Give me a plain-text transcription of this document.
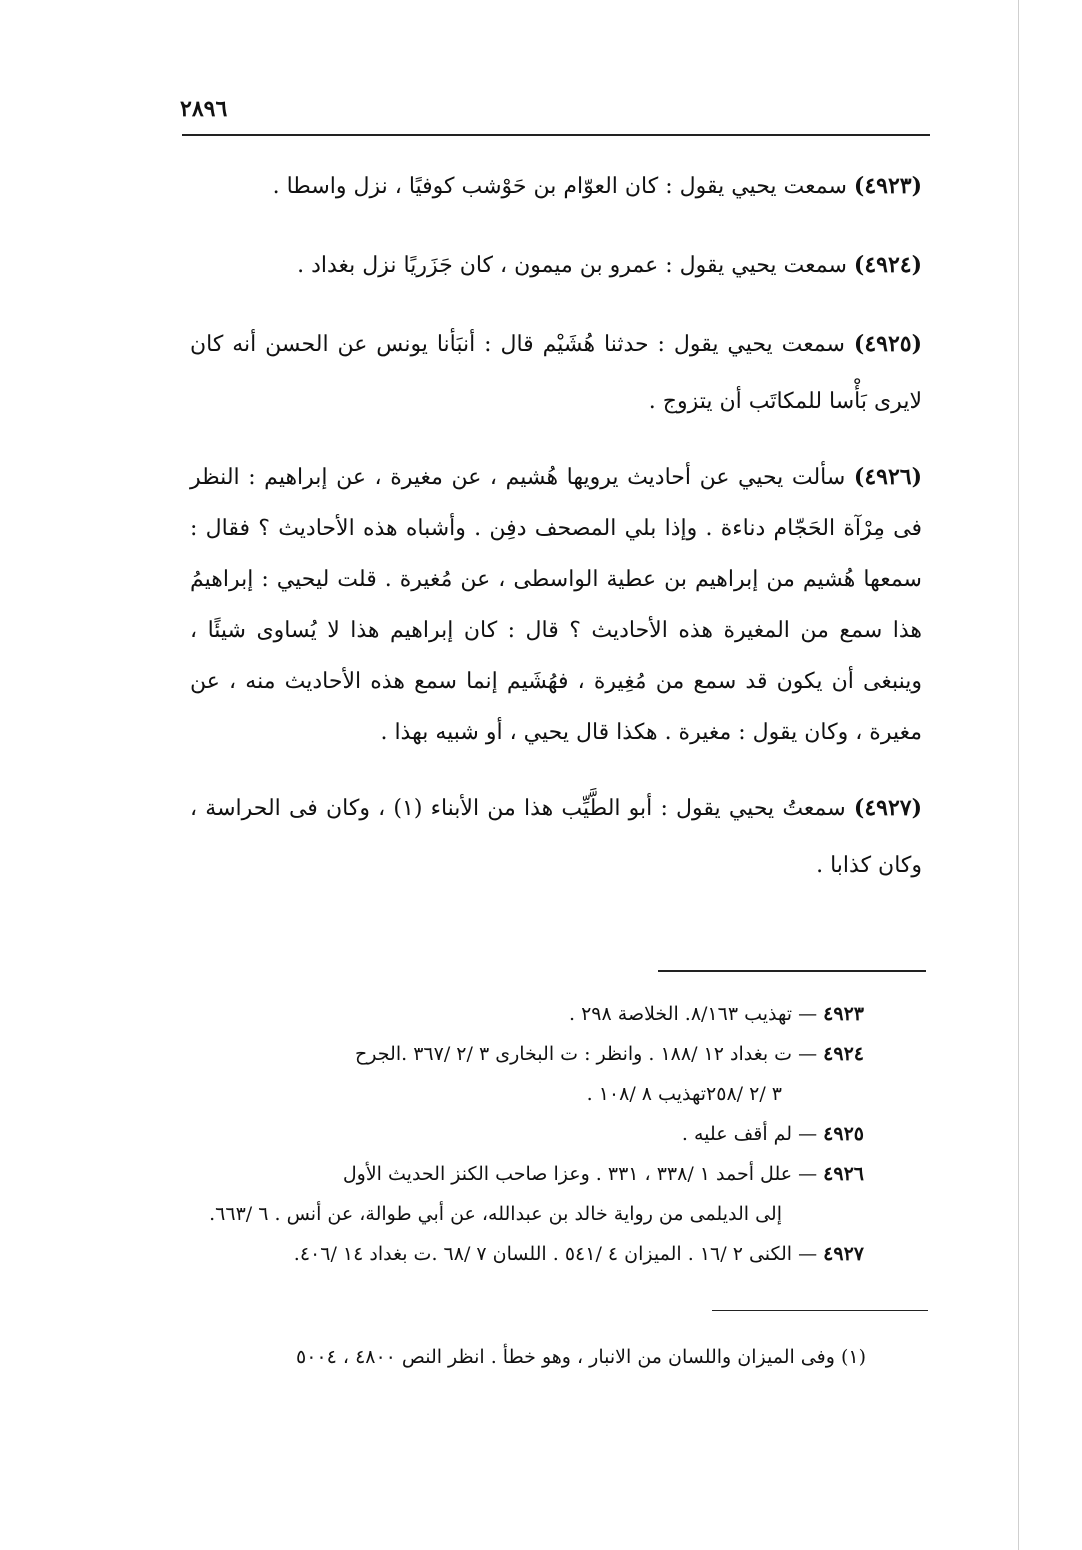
٢٨٩٦

(٤٩٢٣) سمعت يحيي يقول : كان العوّام بن حَوْشب كوفيًا ، نزل واسطا .

(٤٩٢٤) سمعت يحيي يقول : عمرو بن ميمون ، كان جَزَريًا نزل بغداد .

(٤٩٢٥) سمعت يحيي يقول : حدثنا هُشَيْم قال : أنبَأنا يونس عن الحسن أنه كان لايرى بَأْسا للمكاتَب أن يتزوج .

(٤٩٢٦) سألت يحيي عن أحاديث يرويها هُشيم ، عن مغيرة ، عن إبراهيم : النظر فى مِرْآة الحَجّام دناءة . وإذا بلي المصحف دفِن . وأشباه هذه الأحاديث ؟ فقال : سمعها هُشيم من إبراهيم بن عطية الواسطى ، عن مُغيرة . قلت ليحيي : إبراهيمُ هذا سمع من المغيرة هذه الأحاديث ؟ قال : كان إبراهيم هذا لا يُساوى شيئًا ، وينبغى أن يكون قد سمع من مُغِيرة ، فهُشَيم إنما سمع هذه الأحاديث منه ، عن مغيرة ، وكان يقول : مغيرة . هكذا قال يحيي ، أو شبيه بهذا .

(٤٩٢٧) سمعتُ يحيي يقول : أبو الطَّيِّب هذا من الأبناء (١) ، وكان فى الحراسة ، وكان كذابا .

٤٩٢٣ — تهذيب ٨/١٦٣. الخلاصة ٢٩٨ .
٤٩٢٤ — ت بغداد ١٢ /١٨٨ . وانظر : ت البخارى ٣ /٢ /٣٦٧ .الجرح
٣ /٢ /٢٥٨تهذيب ٨ /١٠٨ .
٤٩٢٥ — لم أقف عليه .
٤٩٢٦ — علل أحمد ١ /٣٣٨ ، ٣٣١ . وعزا صاحب الكنز الحديث الأول
إلى الديلمى من رواية خالد بن عبدالله، عن أبي طوالة، عن أنس . ٦ /٦٦٣.
٤٩٢٧ — الكنى ٢ /١٦ . الميزان ٤ /٥٤١ . اللسان ٧ /٦٨ .ت بغداد ١٤ /٤٠٦.
(١) وفى الميزان واللسان من الانبار ، وهو خطأ . انظر النص ٤٨٠٠ ، ٥٠٠٤
